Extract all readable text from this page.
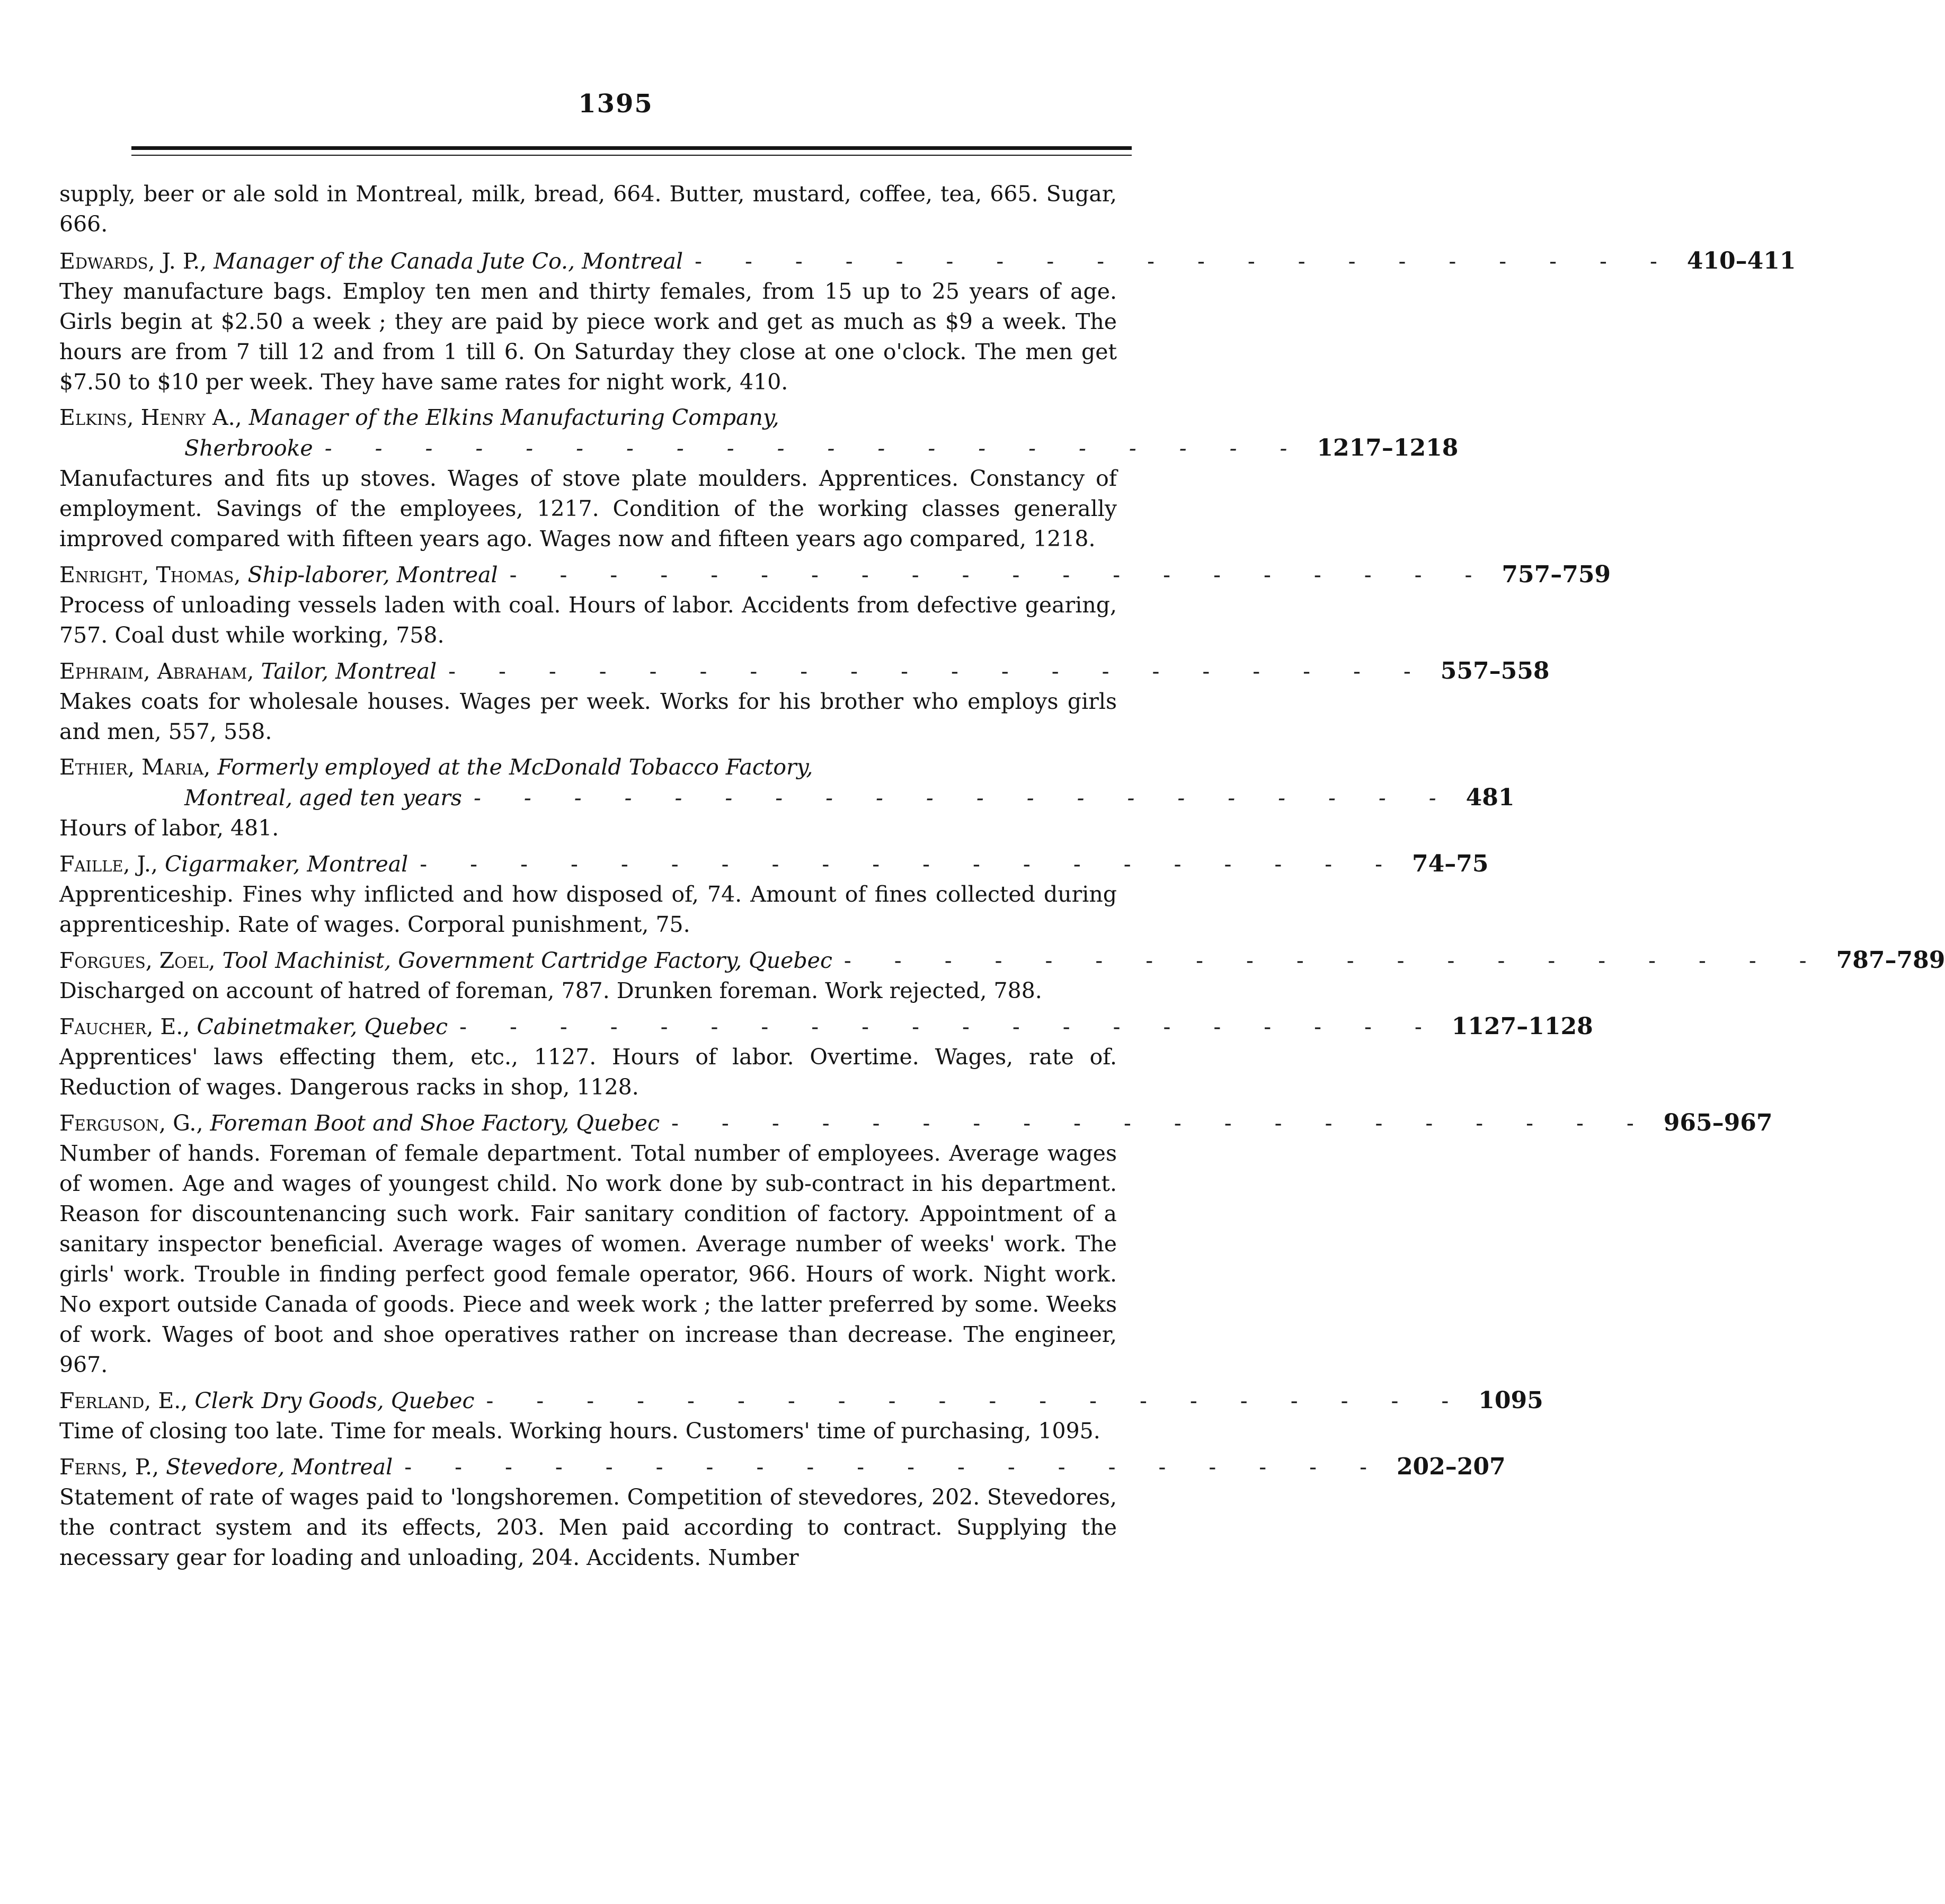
1395

supply, beer or ale sold in Montreal, milk, bread, 664. Butter, mustard, coffee, tea, 665. Sugar, 666.

Edwards, J. P.,
Manager of the Canada Jute Co., Montreal - - - - - - - - - - - - - - - - - - - - 410–411

They manufacture bags. Employ ten men and thirty females, from 15 up to 25 years of age. Girls begin at $2.50 a week ; they are paid by piece work and get as much as $9 a week. The hours are from 7 till 12 and from 1 till 6. On Saturday they close at one o'clock. The men get $7.50 to $10 per week. They have same rates for night work, 410.

Elkins, Henry A.,
Manager of the Elkins Manufacturing Company,
Sherbrooke - - - - - - - - - - - - - - - - - - - - 1217–1218

Manufactures and fits up stoves. Wages of stove plate moulders. Apprentices. Constancy of employment. Savings of the employees, 1217. Condition of the working classes generally improved compared with fifteen years ago. Wages now and fifteen years ago compared, 1218.

Enright, Thomas,
Ship-laborer, Montreal - - - - - - - - - - - - - - - - - - - - 757–759

Process of unloading vessels laden with coal. Hours of labor. Accidents from defective gearing, 757. Coal dust while working, 758.

Ephraim, Abraham,
Tailor, Montreal - - - - - - - - - - - - - - - - - - - - 557–558

Makes coats for wholesale houses. Wages per week. Works for his brother who employs girls and men, 557, 558.

Ethier, Maria,
Formerly employed at the McDonald Tobacco Factory,
Montreal, aged ten years - - - - - - - - - - - - - - - - - - - - 481

Hours of labor, 481.

Faille, J.,
Cigarmaker, Montreal - - - - - - - - - - - - - - - - - - - - 74–75

Apprenticeship. Fines why inflicted and how disposed of, 74. Amount of fines collected during apprenticeship. Rate of wages. Corporal punishment, 75.

Forgues, Zoel,
Tool Machinist, Government Cartridge Factory, Quebec - - - - - - - - - - - - - - - - - - - - 787–789

Discharged on account of hatred of foreman, 787. Drunken foreman. Work rejected, 788.

Faucher, E.,
Cabinetmaker, Quebec - - - - - - - - - - - - - - - - - - - - 1127–1128

Apprentices' laws effecting them, etc., 1127. Hours of labor. Overtime. Wages, rate of. Reduction of wages. Dangerous racks in shop, 1128.

Ferguson, G.,
Foreman Boot and Shoe Factory, Quebec - - - - - - - - - - - - - - - - - - - - 965–967

Number of hands. Foreman of female department. Total number of employees. Average wages of women. Age and wages of youngest child. No work done by sub-contract in his department. Reason for discountenancing such work. Fair sanitary condition of factory. Appointment of a sanitary inspector beneficial. Average wages of women. Average number of weeks' work. The girls' work. Trouble in finding perfect good female operator, 966. Hours of work. Night work. No export outside Canada of goods. Piece and week work ; the latter preferred by some. Weeks of work. Wages of boot and shoe operatives rather on increase than decrease. The engineer, 967.

Ferland, E.,
Clerk Dry Goods, Quebec - - - - - - - - - - - - - - - - - - - - 1095

Time of closing too late. Time for meals. Working hours. Customers' time of purchasing, 1095.

Ferns, P.,
Stevedore, Montreal - - - - - - - - - - - - - - - - - - - - 202–207

Statement of rate of wages paid to 'longshoremen. Competition of stevedores, 202. Stevedores, the contract system and its effects, 203. Men paid according to contract. Supplying the necessary gear for loading and unloading, 204. Accidents. Number
